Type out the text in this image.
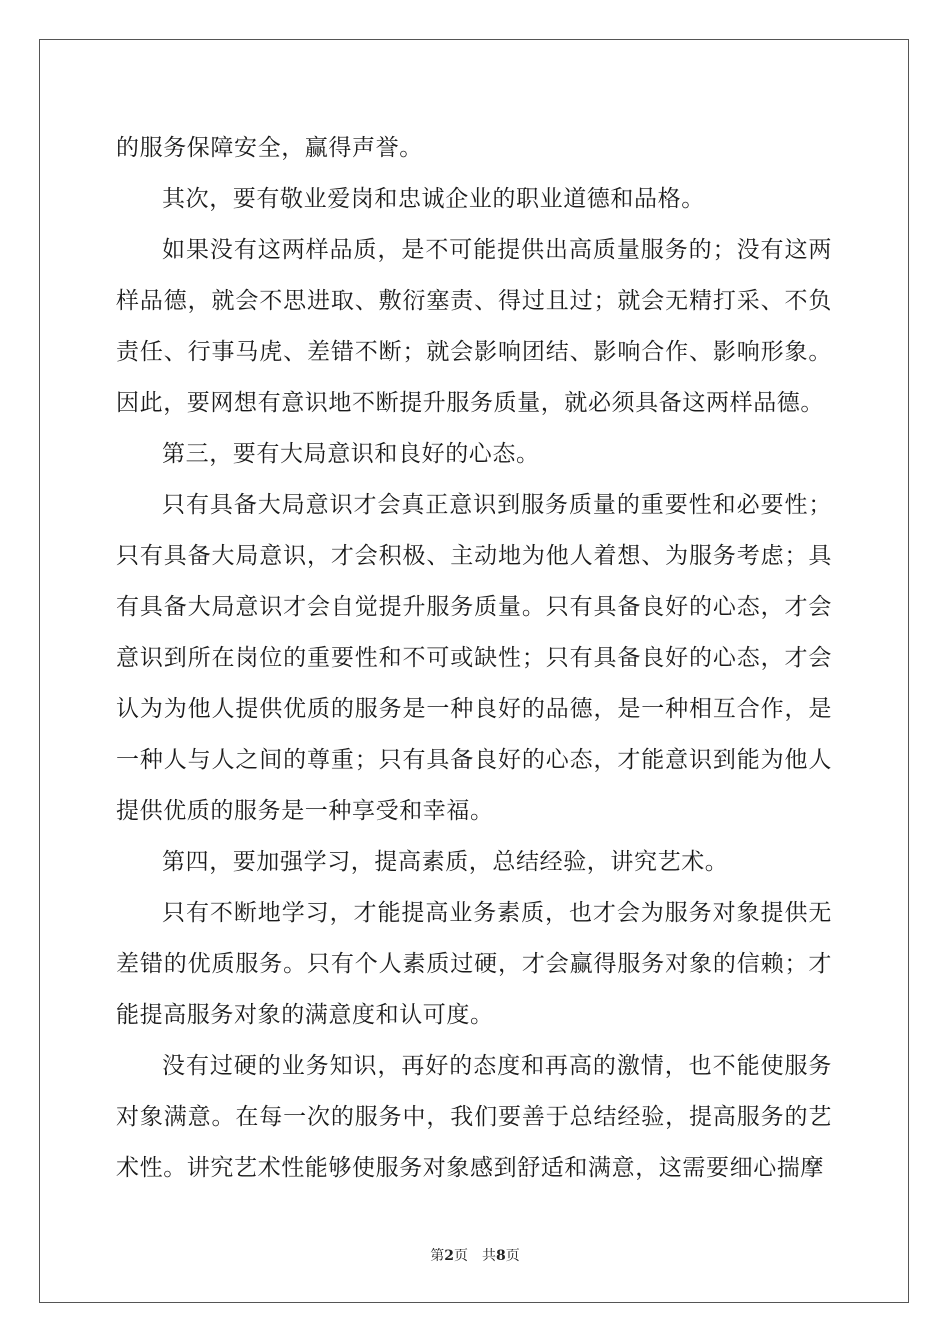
的服务保障安全，赢得声誉。

其次，要有敬业爱岗和忠诚企业的职业道德和品格。

如果没有这两样品质，是不可能提供出高质量服务的；没有这两样品德，就会不思进取、敷衍塞责、得过且过；就会无精打采、不负责任、行事马虎、差错不断；就会影响团结、影响合作、影响形象。因此，要网想有意识地不断提升服务质量，就必须具备这两样品德。

第三，要有大局意识和良好的心态。

只有具备大局意识才会真正意识到服务质量的重要性和必要性；只有具备大局意识，才会积极、主动地为他人着想、为服务考虑；具有具备大局意识才会自觉提升服务质量。只有具备良好的心态，才会意识到所在岗位的重要性和不可或缺性；只有具备良好的心态，才会认为为他人提供优质的服务是一种良好的品德，是一种相互合作，是一种人与人之间的尊重；只有具备良好的心态，才能意识到能为他人提供优质的服务是一种享受和幸福。

第四，要加强学习，提高素质，总结经验，讲究艺术。

只有不断地学习，才能提高业务素质，也才会为服务对象提供无差错的优质服务。只有个人素质过硬，才会赢得服务对象的信赖；才能提高服务对象的满意度和认可度。

没有过硬的业务知识，再好的态度和再高的激情，也不能使服务对象满意。在每一次的服务中，我们要善于总结经验，提高服务的艺术性。讲究艺术性能够使服务对象感到舒适和满意，这需要细心揣摩

第2页 共8页
